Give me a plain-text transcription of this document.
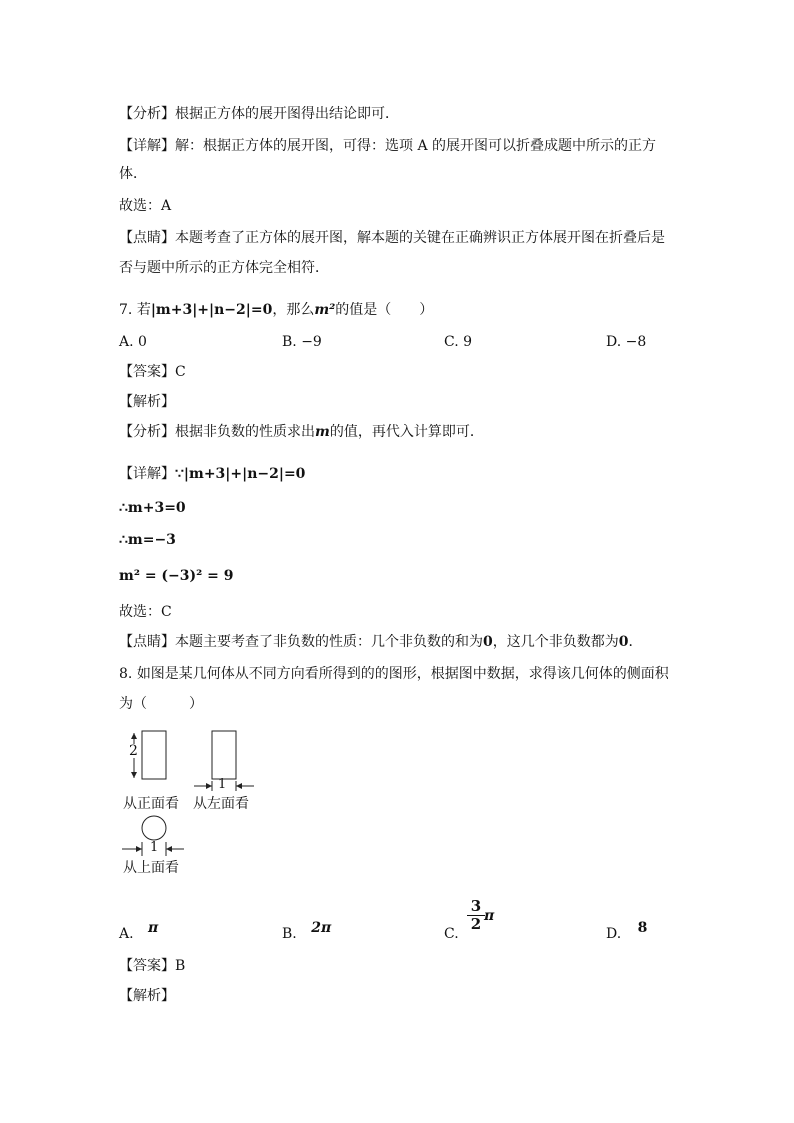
【分析】根据正方体的展开图得出结论即可．
【详解】解：根据正方体的展开图，可得：选项 A 的展开图可以折叠成题中所示的正方
体．
故选：A
【点睛】本题考查了正方体的展开图，解本题的关键在正确辨识正方体展开图在折叠后是
否与题中所示的正方体完全相符．
7. 若|m+3|+|n−2|=0，那么m²的值是（　　）
A. 0	B. −9	C. 9	D. −8
【答案】C
【解析】
【分析】根据非负数的性质求出m的值，再代入计算即可．
【详解】∵|m+3|+|n−2|=0
∴m+3=0
∴m=−3
m² = (−3)² = 9
故选：C
【点睛】本题主要考查了非负数的性质：几个非负数的和为0，这几个非负数都为0．
8. 如图是某几何体从不同方向看所得到的的图形，根据图中数据，求得该几何体的侧面积
为（　　　）
2
从正面看
1
从左面看
1
从上面看
A. π	B. 2π	C.
3
2 π
D. 8
【答案】B
【解析】
